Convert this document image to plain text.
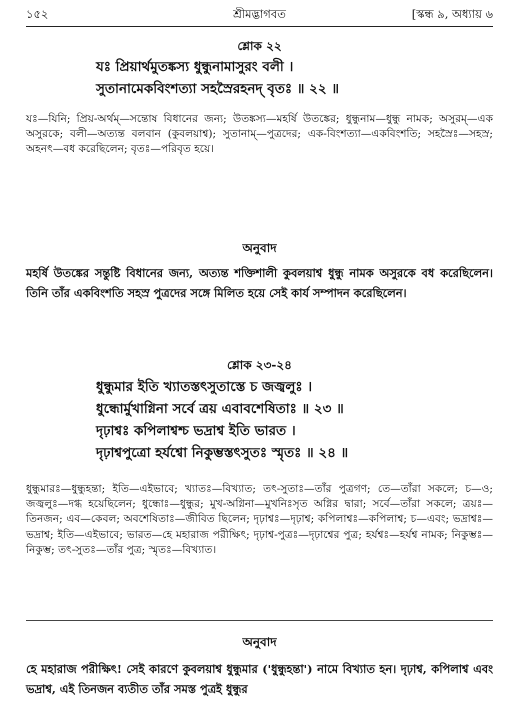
১৫২	শ্রীমদ্ভাগবত	[স্কন্ধ ৯, অধ্যায় ৬
শ্লোক ২২
যঃ প্রিয়ার্থমুতঙ্কস্য ধুন্ধুনামাসুরং বলী ।
সুতানামেকবিংশত্যা সহস্রৈরহনদ্ বৃতঃ ॥ ২২ ॥
যঃ—যিনি; প্রিয়-অর্থম্—সন্তোষ বিধানের জন্য; উতঙ্কস্য—মহর্ষি উতঙ্কের; ধুন্ধুনাম—ধুন্ধু নামক; অসুরম্—এক অসুরকে; বলী—অত্যন্ত বলবান (কুবলয়াশ্ব); সুতানাম্—পুত্রদের; এক-বিংশত্যা—একবিংশতি; সহস্রৈঃ—সহস্র; অহনৎ—বধ করেছিলেন; বৃতঃ—পরিবৃত হয়ে।
অনুবাদ
মহর্ষি উতঙ্কের সন্তুষ্টি বিধানের জন্য, অত্যন্ত শক্তিশালী কুবলয়াশ্ব ধুন্ধু নামক অসুরকে বধ করেছিলেন। তিনি তাঁর একবিংশতি সহস্র পুত্রদের সঙ্গে মিলিত হয়ে সেই কার্য সম্পাদন করেছিলেন।
শ্লোক ২৩-২৪
ধুন্ধুমার ইতি খ্যাতস্তৎসুতাস্তে চ জজ্বলুঃ ।
ধুন্ধোর্মুখাগ্নিনা সর্বে ত্রয় এবাবশেষিতাঃ ॥ ২৩ ॥
দৃঢ়াশ্বঃ কপিলাশ্বশ্চ ভদ্রাশ্ব ইতি ভারত ।
দৃঢ়াশ্বপুত্রো হর্যশ্বো নিকুম্ভস্তৎসুতঃ স্মৃতঃ ॥ ২৪ ॥
ধুন্ধুমারঃ—ধুন্ধুহন্তা; ইতি—এইভাবে; খ্যাতঃ—বিখ্যাত; তৎ-সুতাঃ—তাঁর পুত্রগণ; তে—তাঁরা সকলে; চ—ও; জজ্বলুঃ—দগ্ধ হয়েছিলেন; ধুন্ধোঃ—ধুন্ধুর; মুখ-অগ্নিনা—মুখনিঃসৃত অগ্নির দ্বারা; সর্বে—তাঁরা সকলে; ত্রয়ঃ—তিনজন; এব—কেবল; অবশেষিতাঃ—জীবিত ছিলেন; দৃঢ়াশ্বঃ—দৃঢ়াশ্ব; কপিলাশ্বঃ—কপিলাশ্ব; চ—এবং; ভদ্রাশ্বঃ—ভদ্রাশ্ব; ইতি—এইভাবে; ভারত—হে মহারাজ পরীক্ষিৎ; দৃঢ়াশ্ব-পুত্রঃ—দৃঢ়াশ্বের পুত্র; হর্যশ্বঃ—হর্যশ্ব নামক; নিকুম্ভঃ—নিকুম্ভ; তৎ-সুতঃ—তাঁর পুত্র; স্মৃতঃ—বিখ্যাত।
অনুবাদ
হে মহারাজ পরীক্ষিৎ! সেই কারণে কুবলয়াশ্ব ধুন্ধুমার ('ধুন্ধুহন্তা') নামে বিখ্যাত হন। দৃঢ়াশ্ব, কপিলাশ্ব এবং ভদ্রাশ্ব, এই তিনজন ব্যতীত তাঁর সমস্ত পুত্রই ধুন্ধুর
